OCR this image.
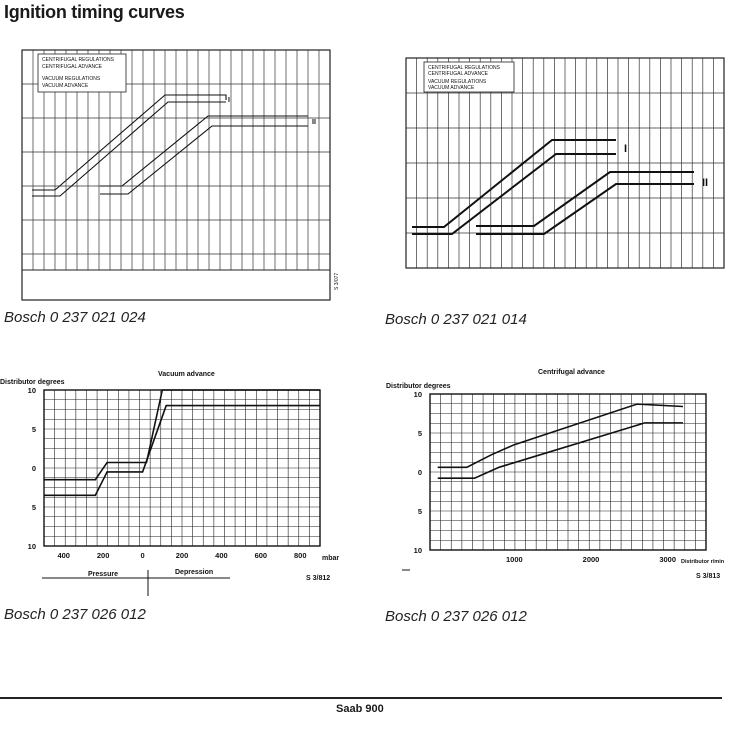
Ignition timing curves
CENTRIFUGAL REGULATIONS
CENTRIFUGAL ADVANCE
VACUUM REGULATIONS
VACUUM ADVANCE
I
II
S 3/077
Bosch 0 237 021 024
CENTRIFUGAL REGULATIONS
CENTRIFUGAL ADVANCE
VACUUM REGULATIONS
VACUUM ADVANCE
I
II
Bosch 0 237 021 014
Vacuum advance
Distributor degrees
10
5
0
5
10
400	200	0	200	400	600	800 mbar
Pressure	Depression
S 3/812
Bosch 0 237 026 012
Centrifugal advance
Distributor degrees
10
5
0
5
10
1000	2000	3000 Distributor r/min
S 3/813
Bosch 0 237 026 012
Saab 900
